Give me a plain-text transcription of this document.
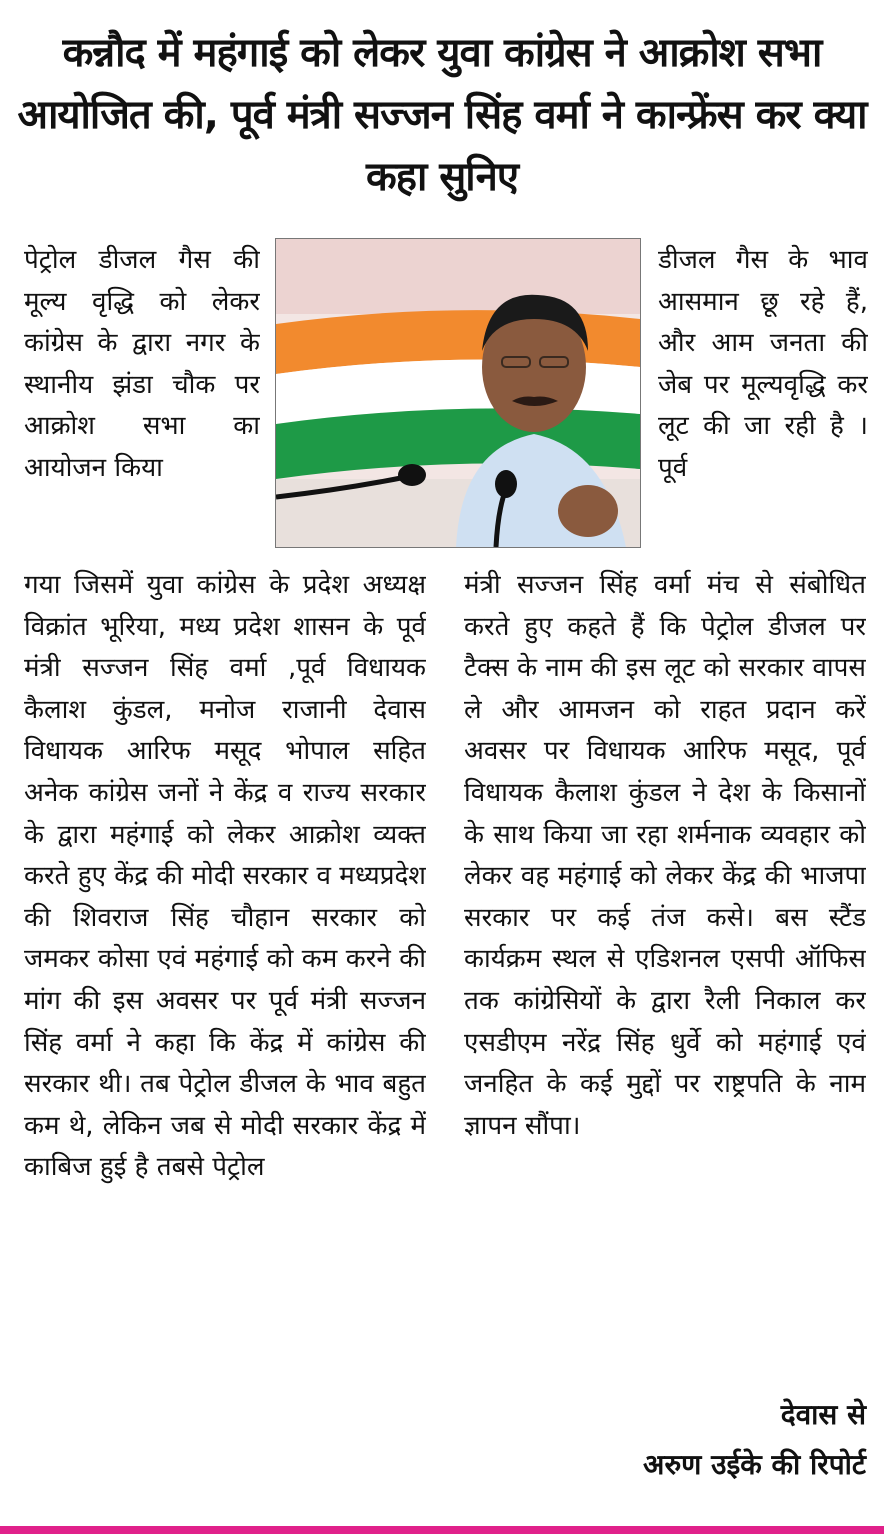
कन्नौद में महंगाई को लेकर युवा कांग्रेस ने आक्रोश सभा आयोजित की, पूर्व मंत्री सज्जन सिंह वर्मा ने कान्फ्रेंस कर क्या कहा सुनिए
पेट्रोल डीजल गैस की मूल्य वृद्धि को लेकर कांग्रेस के द्वारा नगर के स्थानीय झंडा चौक पर आक्रोश सभा का आयोजन किया
डीजल गैस के भाव आसमान छू रहे हैं, और आम जनता की जेब पर मूल्यवृद्धि कर लूट की जा रही है । पूर्व
गया जिसमें युवा कांग्रेस के प्रदेश अध्यक्ष विक्रांत भूरिया, मध्य प्रदेश शासन के पूर्व मंत्री सज्जन सिंह वर्मा ,पूर्व विधायक कैलाश कुंडल, मनोज राजानी देवास विधायक आरिफ मसूद भोपाल सहित अनेक कांग्रेस जनों ने केंद्र व राज्य सरकार के द्वारा महंगाई को लेकर आक्रोश व्यक्त करते हुए केंद्र की मोदी सरकार व मध्यप्रदेश की शिवराज सिंह चौहान सरकार को जमकर कोसा एवं महंगाई को कम करने की मांग की इस अवसर पर पूर्व मंत्री सज्जन सिंह वर्मा ने कहा कि केंद्र में कांग्रेस की सरकार थी। तब पेट्रोल डीजल के भाव बहुत कम थे, लेकिन जब से मोदी सरकार केंद्र में काबिज हुई है तबसे पेट्रोल
मंत्री सज्जन सिंह वर्मा मंच से संबोधित करते हुए कहते हैं कि पेट्रोल डीजल पर टैक्स के नाम की इस लूट को सरकार वापस ले और आमजन को राहत प्रदान करें अवसर पर विधायक आरिफ मसूद, पूर्व विधायक कैलाश कुंडल ने देश के किसानों के साथ किया जा रहा शर्मनाक व्यवहार को लेकर वह महंगाई को लेकर केंद्र की भाजपा सरकार पर कई तंज कसे। बस स्टैंड कार्यक्रम स्थल से एडिशनल एसपी ऑफिस तक कांग्रेसियों के द्वारा रैली निकाल कर एसडीएम नरेंद्र सिंह धुर्वे को महंगाई एवं जनहित के कई मुद्दों पर राष्ट्रपति के नाम ज्ञापन सौंपा।
देवास से
अरुण उईके की रिपोर्ट
